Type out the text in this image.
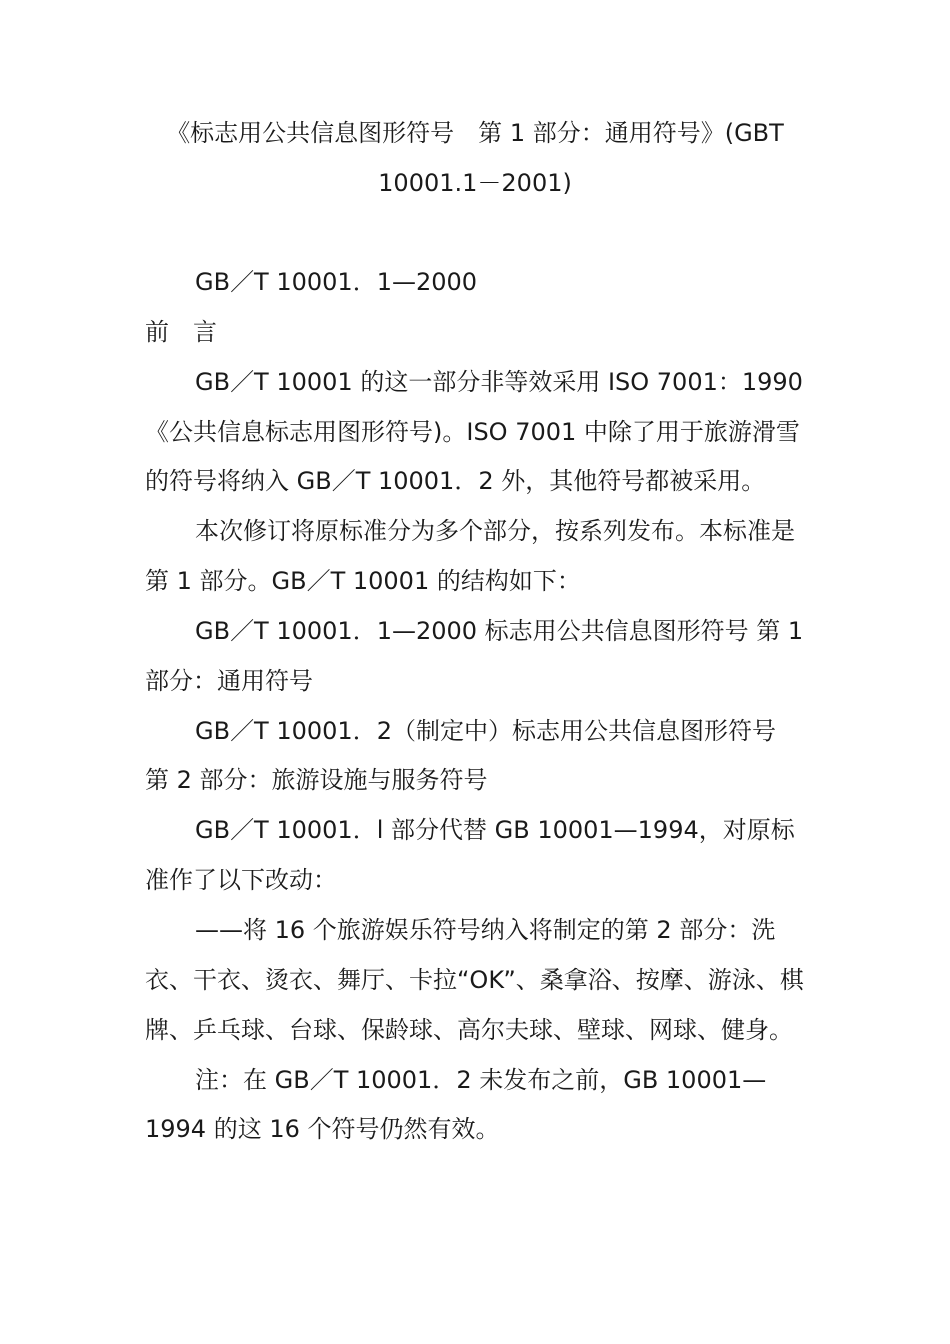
《标志用公共信息图形符号　第 1 部分：通用符号》(GBT 10001.1－2001)

GB／T 10001．1—2000

前　言

GB／T 10001 的这一部分非等效采用 ISO 7001：1990《公共信息标志用图形符号)。ISO 7001 中除了用于旅游滑雪的符号将纳入 GB／T 10001．2 外，其他符号都被采用。

本次修订将原标准分为多个部分，按系列发布。本标准是第 1 部分。GB／T 10001 的结构如下：

GB／T 10001．1—2000 标志用公共信息图形符号 第 1 部分：通用符号

GB／T 10001．2（制定中）标志用公共信息图形符号 第 2 部分：旅游设施与服务符号

GB／T 10001．l 部分代替 GB 10001—1994，对原标准作了以下改动：

——将 16 个旅游娱乐符号纳入将制定的第 2 部分：洗衣、干衣、烫衣、舞厅、卡拉“OK”、桑拿浴、按摩、游泳、棋牌、乒乓球、台球、保龄球、高尔夫球、壁球、网球、健身。

注：在 GB／T 10001．2 未发布之前，GB 10001—1994 的这 16 个符号仍然有效。
